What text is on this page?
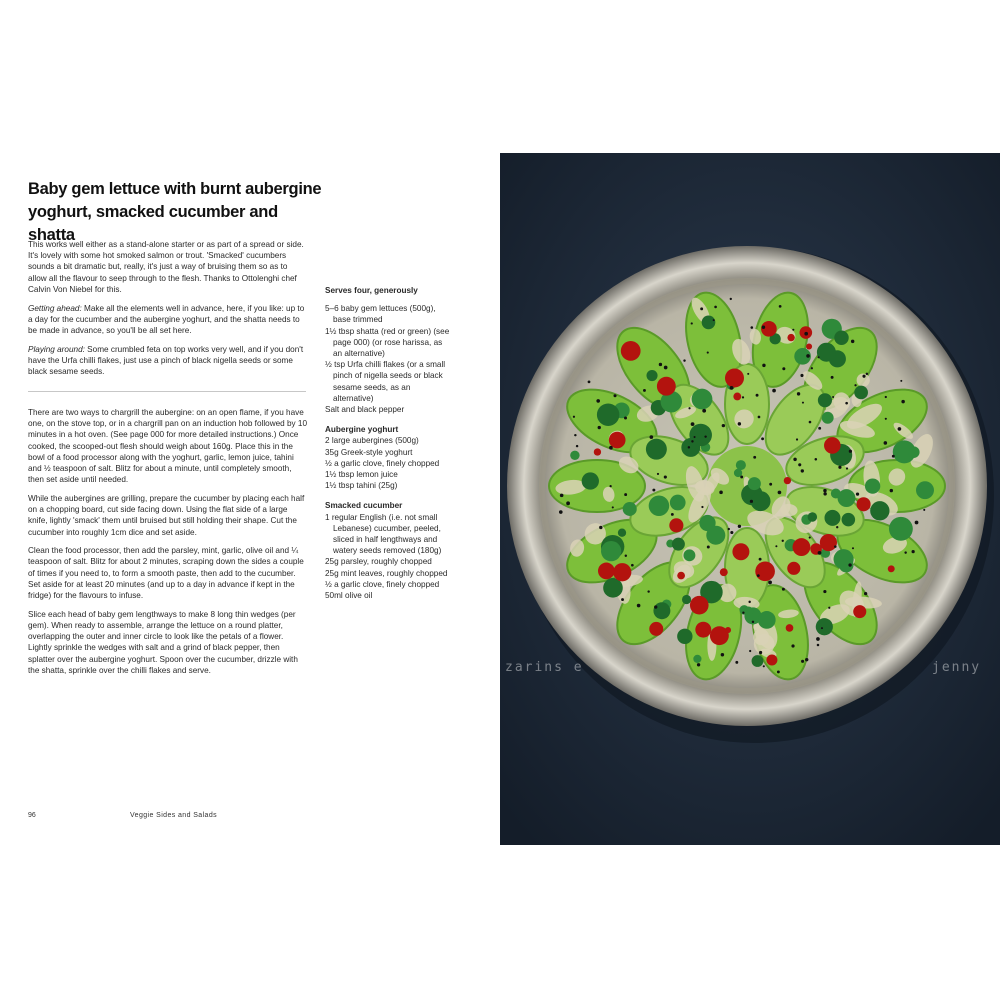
Baby gem lettuce with burnt aubergine
yoghurt, smacked cucumber and shatta

This works well either as a stand-alone starter or as part of a spread or side. It's lovely with some hot smoked salmon or trout. 'Smacked' cucumbers sounds a bit dramatic but, really, it's just a way of bruising them so as to allow all the flavour to seep through to the flesh. Thanks to Ottolenghi chef Calvin Von Niebel for this.

Getting ahead: Make all the elements well in advance, here, if you like: up to a day for the cucumber and the aubergine yoghurt, and the shatta needs to be made in advance, so you'll be all set here.

Playing around: Some crumbled feta on top works very well, and if you don't have the Urfa chilli flakes, just use a pinch of black nigella seeds or some black sesame seeds.

There are two ways to chargrill the aubergine: on an open flame, if you have one, on the stove top, or in a chargrill pan on an induction hob followed by 10 minutes in a hot oven. (See page 000 for more detailed instructions.) Once cooked, the scooped-out flesh should weigh about 160g. Place this in the bowl of a food processor along with the yoghurt, garlic, lemon juice, tahini and ½ teaspoon of salt. Blitz for about a minute, until completely smooth, then set aside until needed.

While the aubergines are grilling, prepare the cucumber by placing each half on a chopping board, cut side facing down. Using the flat side of a large knife, lightly 'smack' them until bruised but still holding their shape. Cut the cucumber into roughly 1cm dice and set aside.

Clean the food processor, then add the parsley, mint, garlic, olive oil and ¼ teaspoon of salt. Blitz for about 2 minutes, scraping down the sides a couple of times if you need to, to form a smooth paste, then add to the cucumber. Set aside for at least 20 minutes (and up to a day in advance if kept in the fridge) for the flavours to infuse.

Slice each head of baby gem lengthways to make 8 long thin wedges (per gem). When ready to assemble, arrange the lettuce on a round platter, overlapping the outer and inner circle to look like the petals of a flower. Lightly sprinkle the wedges with salt and a grind of black pepper, then splatter over the aubergine yoghurt. Spoon over the cucumber, drizzle with the shatta, sprinkle over the chilli flakes and serve.

Serves four, generously
5–6 baby gem lettuces (500g), base trimmed
1½ tbsp shatta (red or green) (see page 000) (or rose harissa, as an alternative)
½ tsp Urfa chilli flakes (or a small pinch of nigella seeds or black sesame seeds, as an alternative)
Salt and black pepper
Aubergine yoghurt
2 large aubergines (500g)
35g Greek-style yoghurt
½ a garlic clove, finely chopped
1½ tbsp lemon juice
1½ tbsp tahini (25g)
Smacked cucumber
1 regular English (i.e. not small Lebanese) cucumber, peeled, sliced in half lengthways and watery seeds removed (180g)
25g parsley, roughly chopped
25g mint leaves, roughly chopped
½ a garlic clove, finely chopped
50ml olive oil
96	Veggie Sides and Salads
zarins e	jenny
